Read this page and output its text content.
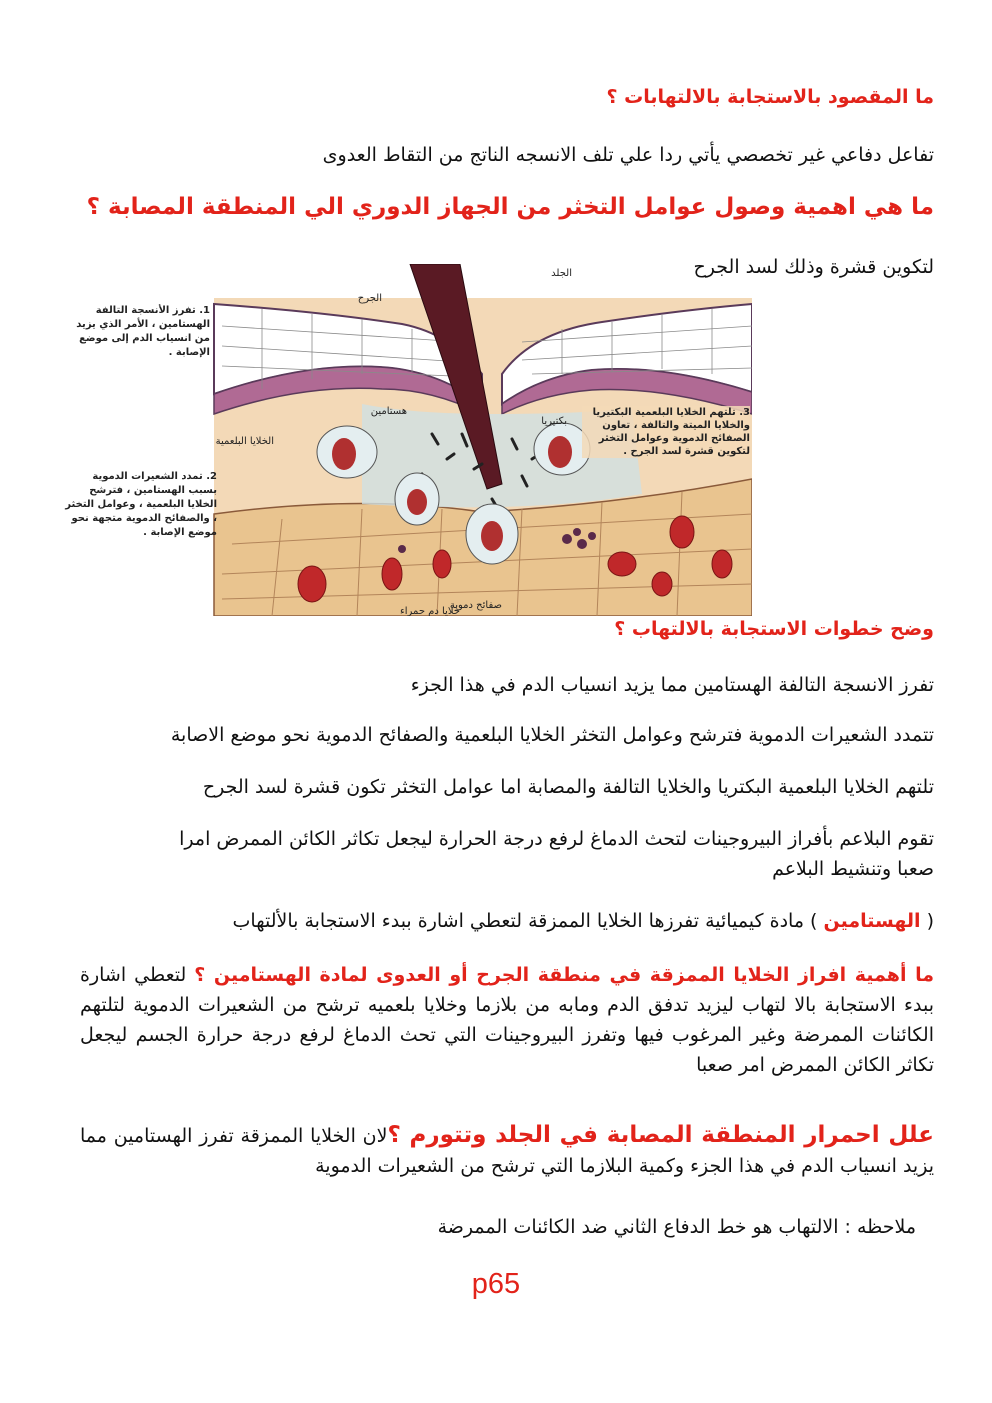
ما المقصود بالاستجابة بالالتهابات ؟
تفاعل دفاعي غير تخصصي يأتي ردا علي تلف الانسجه الناتج من التقاط العدوى
ما هي اهمية وصول عوامل التخثر من الجهاز الدوري الي المنطقة المصابة ؟
لتكوين قشرة وذلك لسد الجرح
الجلد
الجرح
بكتيريا
هستامين
الخلايا البلعمية
صفائح دموية
خلايا دم حمراء
1. تفرز الأنسجة التالفة الهستامين ، الأمر الذي يزيد من انسياب الدم إلى موضع الإصابة .
2. تمدد الشعيرات الدموية بسبب الهستامين ، فترشح الخلايا البلعمية ، وعوامل التخثر ، والصفائح الدموية متجهة نحو موضع الإصابة .
3. تلتهم الخلايا البلعمية البكتيريا والخلايا الميتة والتالفة ، تعاون الصفائح الدموية وعوامل التخثر لتكوين قشرة لسد الجرح .
وضح خطوات الاستجابة بالالتهاب ؟
تفرز الانسجة التالفة الهستامين مما يزيد انسياب الدم في هذا الجزء
تتمدد الشعيرات الدموية فترشح وعوامل التخثر الخلايا البلعمية والصفائح الدموية نحو موضع الاصابة
تلتهم الخلايا البلعمية البكتريا والخلايا التالفة والمصابة اما عوامل التخثر تكون قشرة لسد الجرح
تقوم البلاعم بأفراز البيروجينات لتحث الدماغ لرفع درجة الحرارة ليجعل تكاثر الكائن الممرض امرا
صعبا وتنشيط البلاعم
( الهستامين ) مادة كيميائية تفرزها الخلايا الممزقة لتعطي اشارة ببدء الاستجابة بالألتهاب
ما أهمية افراز الخلايا الممزقة في منطقة الجرح أو العدوى لمادة الهستامين ؟ لتعطي اشارة ببدء الاستجابة بالا لتهاب ليزيد تدفق الدم ومابه من بلازما وخلايا بلعميه ترشح من الشعيرات الدموية لتلتهم الكائنات الممرضة وغير المرغوب فيها وتفرز البيروجينات التي تحث الدماغ لرفع درجة حرارة الجسم ليجعل تكاثر الكائن الممرض امر صعبا
علل احمرار المنطقة المصابة في الجلد وتتورم ؟لان الخلايا الممزقة تفرز الهستامين مما يزيد انسياب الدم في هذا الجزء وكمية البلازما التي ترشح من الشعيرات الدموية
ملاحظه : الالتهاب هو خط الدفاع الثاني ضد الكائنات الممرضة
p65
